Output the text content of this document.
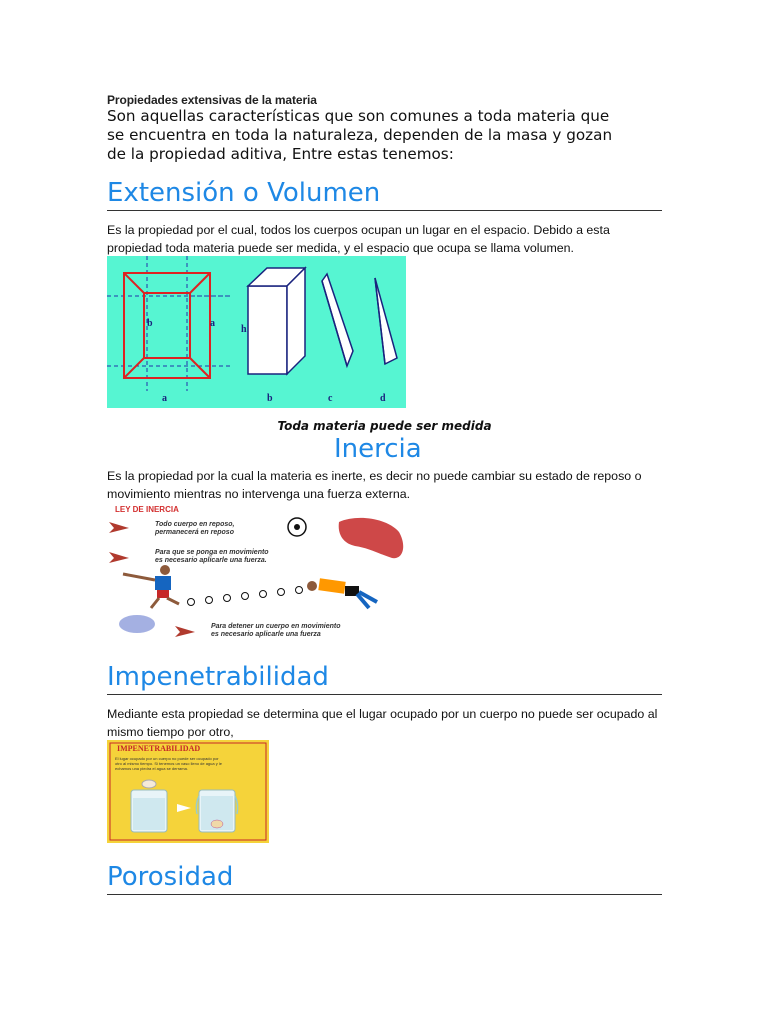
Propiedades extensivas de la materia
Son aquellas características que son comunes a toda materia que se encuentra en toda la naturaleza, dependen de la masa y gozan de la propiedad aditiva, Entre estas tenemos:
Extensión o Volumen
Es la propiedad por el cual, todos los cuerpos ocupan un lugar en el espacio. Debido a esta propiedad toda materia puede ser medida, y el espacio que ocupa se llama volumen.
b	a
h
b	c	d
a
Toda materia puede ser medida
Inercia
Es la propiedad por la cual la materia es inerte, es decir no puede cambiar su estado de reposo o movimiento mientras no intervenga una fuerza externa.
LEY DE INERCIA
Todo cuerpo en reposo,
permanecerá en reposo
Para que se ponga en movimiento
es necesario aplicarle una fuerza.
Para detener un cuerpo en movimiento
es necesario aplicarle una fuerza
Impenetrabilidad
Mediante esta propiedad se determina que el lugar ocupado por un cuerpo no puede ser ocupado al mismo tiempo por otro,
IMPENETRABILIDAD
El lugar ocupado por un cuerpo no puede ser ocupado por
otro al mismo tiempo. Si tenemos un vaso lleno de agua y le
echamos una piedra el agua se derrama.
Porosidad
